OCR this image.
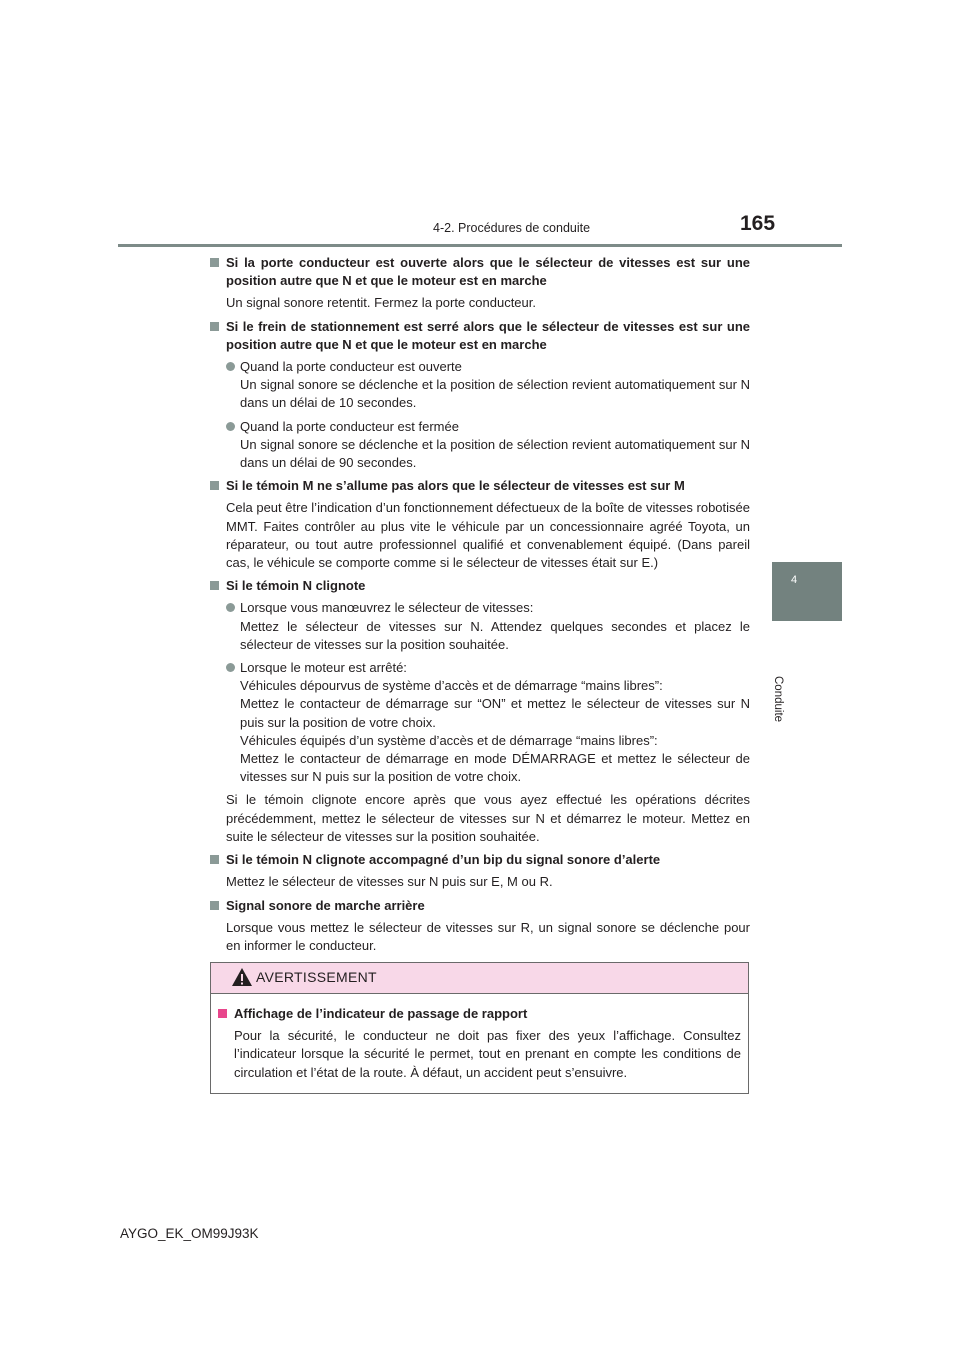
4-2. Procédures de conduite	165
4
Conduite
Si la porte conducteur est ouverte alors que le sélecteur de vitesses est sur une position autre que N et que le moteur est en marche
Un signal sonore retentit. Fermez la porte conducteur.
Si le frein de stationnement est serré alors que le sélecteur de vitesses est sur une position autre que N et que le moteur est en marche
Quand la porte conducteur est ouverte
Un signal sonore se déclenche et la position de sélection revient automatiquement sur N dans un délai de 10 secondes.
Quand la porte conducteur est fermée
Un signal sonore se déclenche et la position de sélection revient automatiquement sur N dans un délai de 90 secondes.
Si le témoin M ne s’allume pas alors que le sélecteur de vitesses est sur M
Cela peut être l’indication d’un fonctionnement défectueux de la boîte de vitesses robotisée MMT. Faites contrôler au plus vite le véhicule par un concessionnaire agréé Toyota, un réparateur, ou tout autre professionnel qualifié et convenablement équipé. (Dans pareil cas, le véhicule se comporte comme si le sélecteur de vitesses était sur E.)
Si le témoin N clignote
Lorsque vous manœuvrez le sélecteur de vitesses:
Mettez le sélecteur de vitesses sur N. Attendez quelques secondes et placez le sélecteur de vitesses sur la position souhaitée.
Lorsque le moteur est arrêté:
Véhicules dépourvus de système d’accès et de démarrage “mains libres”:
Mettez le contacteur de démarrage sur “ON” et mettez le sélecteur de vitesses sur N puis sur la position de votre choix.
Véhicules équipés d’un système d’accès et de démarrage “mains libres”:
Mettez le contacteur de démarrage en mode DÉMARRAGE et mettez le sélecteur de vitesses sur N puis sur la position de votre choix.
Si le témoin clignote encore après que vous ayez effectué les opérations décrites précédemment, mettez le sélecteur de vitesses sur N et démarrez le moteur. Mettez en suite le sélecteur de vitesses sur la position souhaitée.
Si le témoin N clignote accompagné d’un bip du signal sonore d’alerte
Mettez le sélecteur de vitesses sur N puis sur E, M ou R.
Signal sonore de marche arrière
Lorsque vous mettez le sélecteur de vitesses sur R, un signal sonore se déclenche pour en informer le conducteur.
AVERTISSEMENT
Affichage de l’indicateur de passage de rapport
Pour la sécurité, le conducteur ne doit pas fixer des yeux l’affichage. Consultez l’indicateur lorsque la sécurité le permet, tout en prenant en compte les conditions de circulation et l’état de la route. À défaut, un accident peut s’ensuivre.
AYGO_EK_OM99J93K
